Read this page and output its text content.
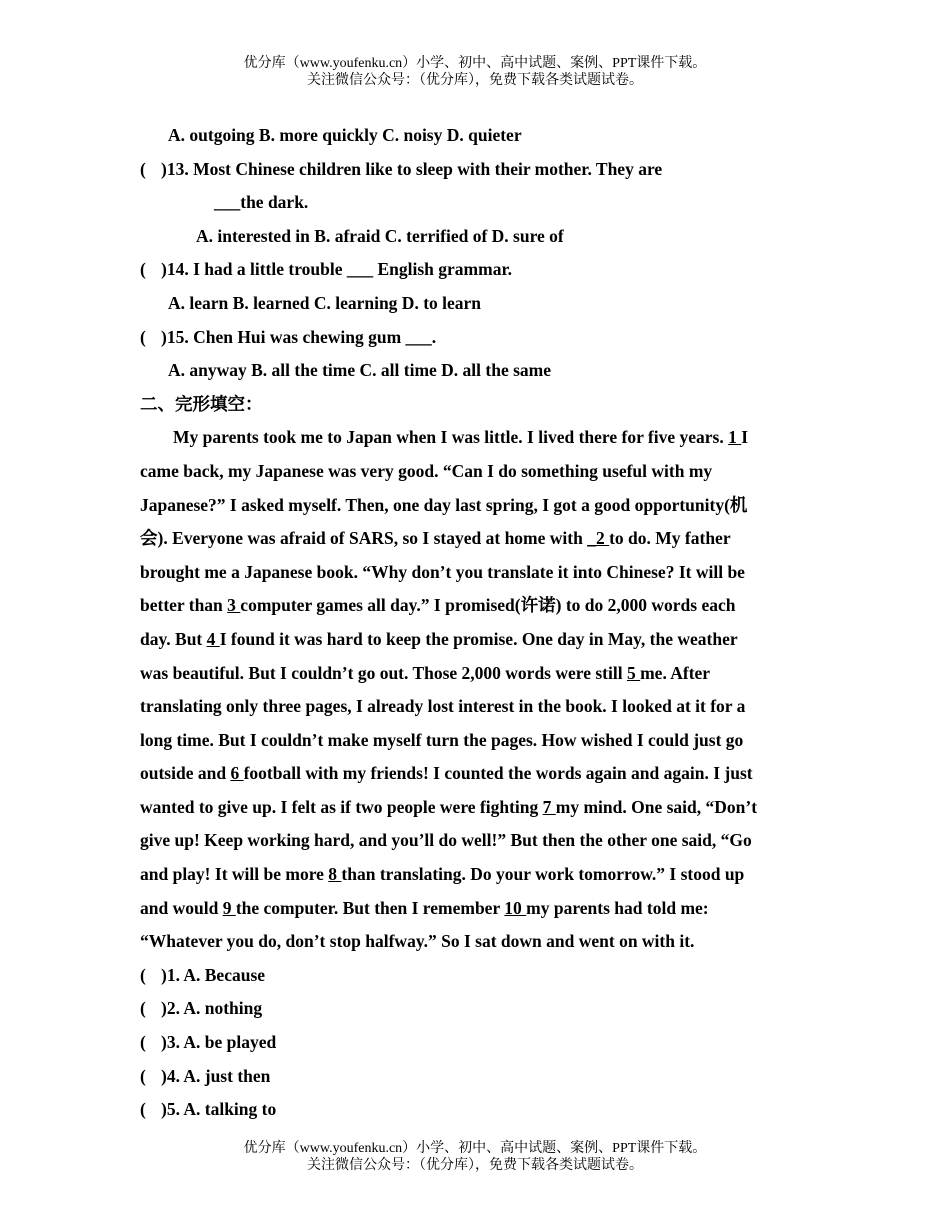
优分库（www.youfenku.cn）小学、初中、高中试题、案例、PPT课件下载。
关注微信公众号：（优分库），免费下载各类试题试卷。
A. outgoing B. more quickly C. noisy D. quieter
( )13. Most Chinese children like to sleep with their mother. They are
___the dark.
A. interested in B. afraid C. terrified of D. sure of
( )14. I had a little trouble ___ English grammar.
A. learn B. learned C. learning D. to learn
( )15. Chen Hui was chewing gum ___.
A. anyway B. all the time C. all time D. all the same
二、完形填空：
My parents took me to Japan when I was little. I lived there for five years. 1 I
came back, my Japanese was very good. “Can I do something useful with my
Japanese?” I asked myself. Then, one day last spring, I got a good opportunity(机
会). Everyone was afraid of SARS, so I stayed at home with _2 to do. My father
brought me a Japanese book. “Why don’t you translate it into Chinese? It will be
better than 3 computer games all day.” I promised(许诺) to do 2,000 words each
day. But 4 I found it was hard to keep the promise. One day in May, the weather
was beautiful. But I couldn’t go out. Those 2,000 words were still 5 me. After
translating only three pages, I already lost interest in the book. I looked at it for a
long time. But I couldn’t make myself turn the pages. How wished I could just go
outside and 6 football with my friends! I counted the words again and again. I just
wanted to give up. I felt as if two people were fighting 7 my mind. One said, “Don’t
give up! Keep working hard, and you’ll do well!” But then the other one said, “Go
and play! It will be more 8 than translating. Do your work tomorrow.” I stood up
and would 9 the computer. But then I remember 10 my parents had told me:
“Whatever you do, don’t stop halfway.” So I sat down and went on with it.
( )1. A. Because
( )2. A. nothing
( )3. A. be played
( )4. A. just then
( )5. A. talking to
优分库（www.youfenku.cn）小学、初中、高中试题、案例、PPT课件下载。
关注微信公众号：（优分库），免费下载各类试题试卷。
